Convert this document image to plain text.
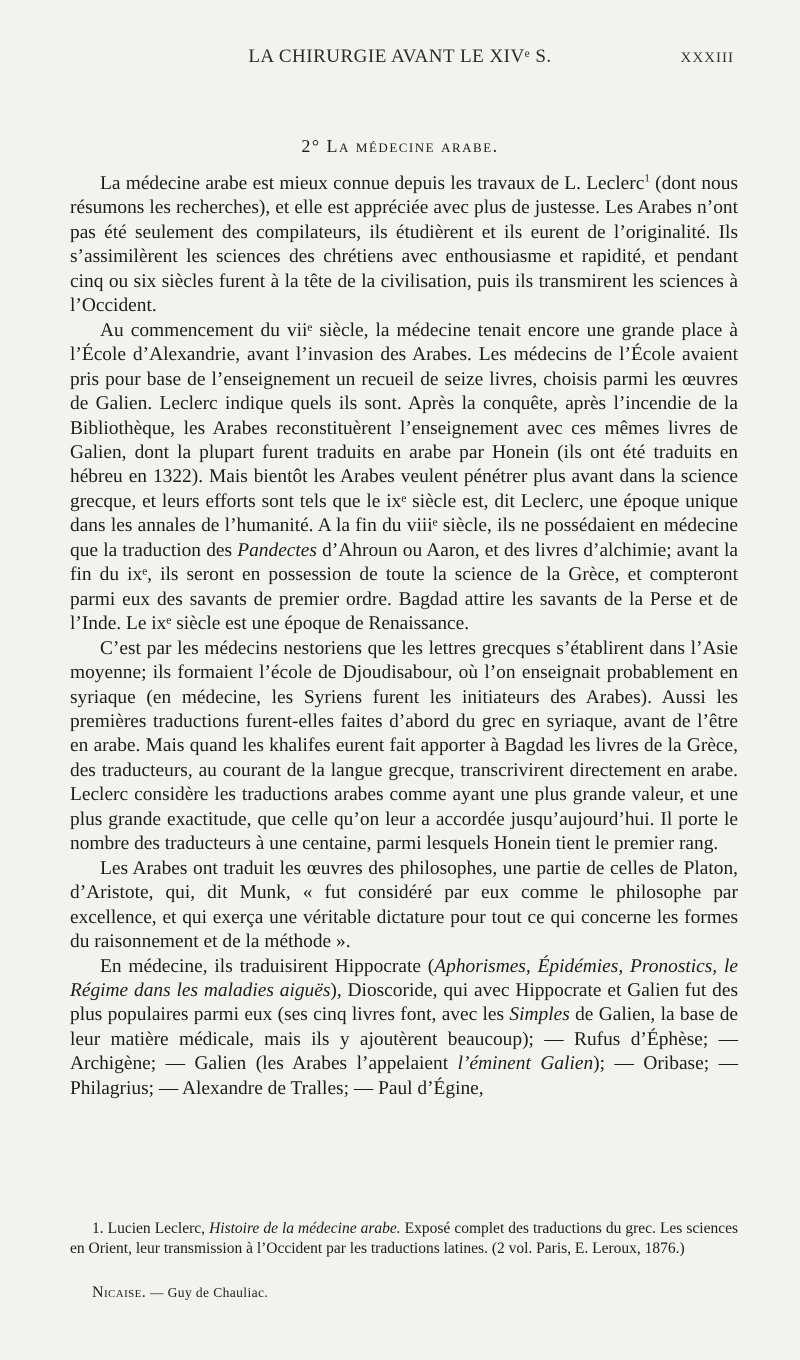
LA CHIRURGIE AVANT LE XIVᵉ S.	XXXIII
2° La médecine arabe.

La médecine arabe est mieux connue depuis les travaux de L. Leclerc$^1$ (dont nous résumons les recherches), et elle est appréciée avec plus de justesse. Les Arabes n’ont pas été seulement des compilateurs, ils étudièrent et ils eurent de l’originalité. Ils s’assimilèrent les sciences des chrétiens avec enthousiasme et rapidité, et pendant cinq ou six siècles furent à la tête de la civilisation, puis ils transmirent les sciences à l’Occident.

Au commencement du viiᵉ siècle, la médecine tenait encore une grande place à l’École d’Alexandrie, avant l’invasion des Arabes. Les médecins de l’École avaient pris pour base de l’enseignement un recueil de seize livres, choisis parmi les œuvres de Galien. Leclerc indique quels ils sont. Après la conquête, après l’incendie de la Bibliothèque, les Arabes reconstituèrent l’enseignement avec ces mêmes livres de Galien, dont la plupart furent traduits en arabe par Honein (ils ont été traduits en hébreu en 1322). Mais bientôt les Arabes veulent pénétrer plus avant dans la science grecque, et leurs efforts sont tels que le ixᵉ siècle est, dit Leclerc, une époque unique dans les annales de l’humanité. A la fin du viiiᵉ siècle, ils ne possédaient en médecine que la traduction des Pandectes d’Ahroun ou Aaron, et des livres d’alchimie; avant la fin du ixᵉ, ils seront en possession de toute la science de la Grèce, et compteront parmi eux des savants de premier ordre. Bagdad attire les savants de la Perse et de l’Inde. Le ixᵉ siècle est une époque de Renaissance.

C’est par les médecins nestoriens que les lettres grecques s’établirent dans l’Asie moyenne; ils formaient l’école de Djoudisabour, où l’on enseignait probablement en syriaque (en médecine, les Syriens furent les initiateurs des Arabes). Aussi les premières traductions furent-elles faites d’abord du grec en syriaque, avant de l’être en arabe. Mais quand les khalifes eurent fait apporter à Bagdad les livres de la Grèce, des traducteurs, au courant de la langue grecque, transcrivirent directement en arabe. Leclerc considère les traductions arabes comme ayant une plus grande valeur, et une plus grande exactitude, que celle qu’on leur a accordée jusqu’aujourd’hui. Il porte le nombre des traducteurs à une centaine, parmi lesquels Honein tient le premier rang.

Les Arabes ont traduit les œuvres des philosophes, une partie de celles de Platon, d’Aristote, qui, dit Munk, « fut considéré par eux comme le philosophe par excellence, et qui exerça une véritable dictature pour tout ce qui concerne les formes du raisonnement et de la méthode ».

En médecine, ils traduisirent Hippocrate (Aphorismes, Épidémies, Pronostics, le Régime dans les maladies aiguës), Dioscoride, qui avec Hippocrate et Galien fut des plus populaires parmi eux (ses cinq livres font, avec les Simples de Galien, la base de leur matière médicale, mais ils y ajoutèrent beaucoup); — Rufus d’Éphèse; — Archigène; — Galien (les Arabes l’appelaient l’éminent Galien); — Oribase; — Philagrius; — Alexandre de Tralles; — Paul d’Égine,

1. Lucien Leclerc, Histoire de la médecine arabe. Exposé complet des traductions du grec. Les sciences en Orient, leur transmission à l’Occident par les traductions latines. (2 vol. Paris, E. Leroux, 1876.)

Nicaise. — Guy de Chauliac.
